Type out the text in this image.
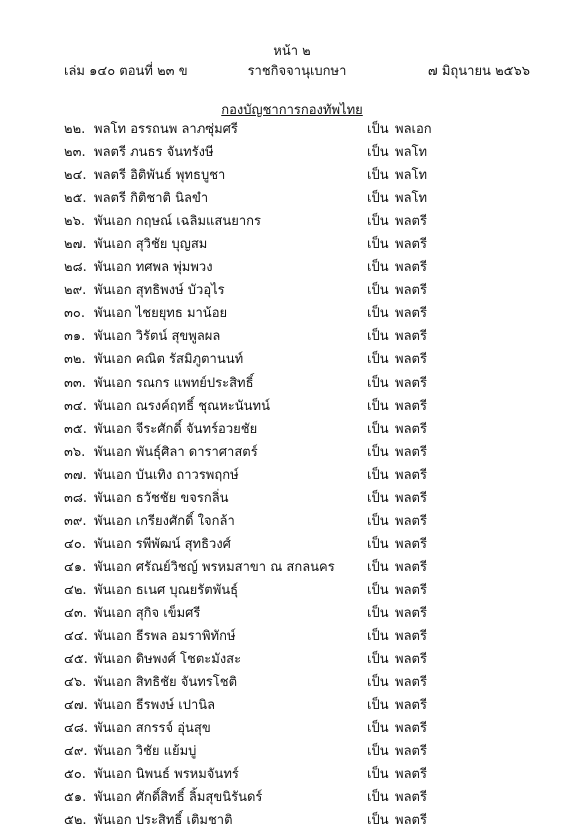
หน้า ๒
เล่ม ๑๔๐ ตอนที่ ๒๓ ข	ราชกิจจานุเบกษา	๗ มิถุนายน ๒๕๖๖
กองบัญชาการกองทัพไทย
๒๒. พลโท อรรถนพ ลาภซุ่มศรี	เป็น พลเอก
๒๓. พลตรี ภนธร จันทรังษี	เป็น พลโท
๒๔. พลตรี อิติพันธ์ พุทธบูชา	เป็น พลโท
๒๕. พลตรี กิติชาติ นิลขำ	เป็น พลโท
๒๖. พันเอก กฤษณ์ เฉลิมแสนยากร	เป็น พลตรี
๒๗. พันเอก สุวิชัย บุญสม	เป็น พลตรี
๒๘. พันเอก ทศพล พุ่มพวง	เป็น พลตรี
๒๙. พันเอก สุทธิพงษ์ บัวอุไร	เป็น พลตรี
๓๐. พันเอก ไชยยุทธ มาน้อย	เป็น พลตรี
๓๑. พันเอก วิรัตน์ สุขพูลผล	เป็น พลตรี
๓๒. พันเอก คณิต รัสมิภูตานนท์	เป็น พลตรี
๓๓. พันเอก รณกร แพทย์ประสิทธิ์	เป็น พลตรี
๓๔. พันเอก ณรงค์ฤทธิ์ ชุณหะนันทน์	เป็น พลตรี
๓๕. พันเอก จีระศักดิ์ จันทร์อวยชัย	เป็น พลตรี
๓๖. พันเอก พันธุ์ศิลา ดาราศาสตร์	เป็น พลตรี
๓๗. พันเอก บันเทิง ถาวรพฤกษ์	เป็น พลตรี
๓๘. พันเอก ธวัชชัย ขจรกลิ่น	เป็น พลตรี
๓๙. พันเอก เกรียงศักดิ์ ใจกล้า	เป็น พลตรี
๔๐. พันเอก รพีพัฒน์ สุทธิวงศ์	เป็น พลตรี
๔๑. พันเอก ศรัณย์วิชญ์ พรหมสาขา ณ สกลนคร เป็น พลตรี
๔๒. พันเอก ธเนศ บุณยรัตพันธุ์	เป็น พลตรี
๔๓. พันเอก สุกิจ เข็มศรี	เป็น พลตรี
๔๔. พันเอก ธีรพล อมราพิทักษ์	เป็น พลตรี
๔๕. พันเอก ดิษพงศ์ โชตะมังสะ	เป็น พลตรี
๔๖. พันเอก สิทธิชัย จันทรโชติ	เป็น พลตรี
๔๗. พันเอก ธีรพงษ์ เปานิล	เป็น พลตรี
๔๘. พันเอก สกรรจ์ อุ่นสุข	เป็น พลตรี
๔๙. พันเอก วิชัย แย้มบู่	เป็น พลตรี
๕๐. พันเอก นิพนธ์ พรหมจันทร์	เป็น พลตรี
๕๑. พันเอก ศักดิ์สิทธิ์ ลิ้มสุขนิรันดร์	เป็น พลตรี
๕๒. พันเอก ประสิทธิ์ เติมชาติ	เป็น พลตรี
